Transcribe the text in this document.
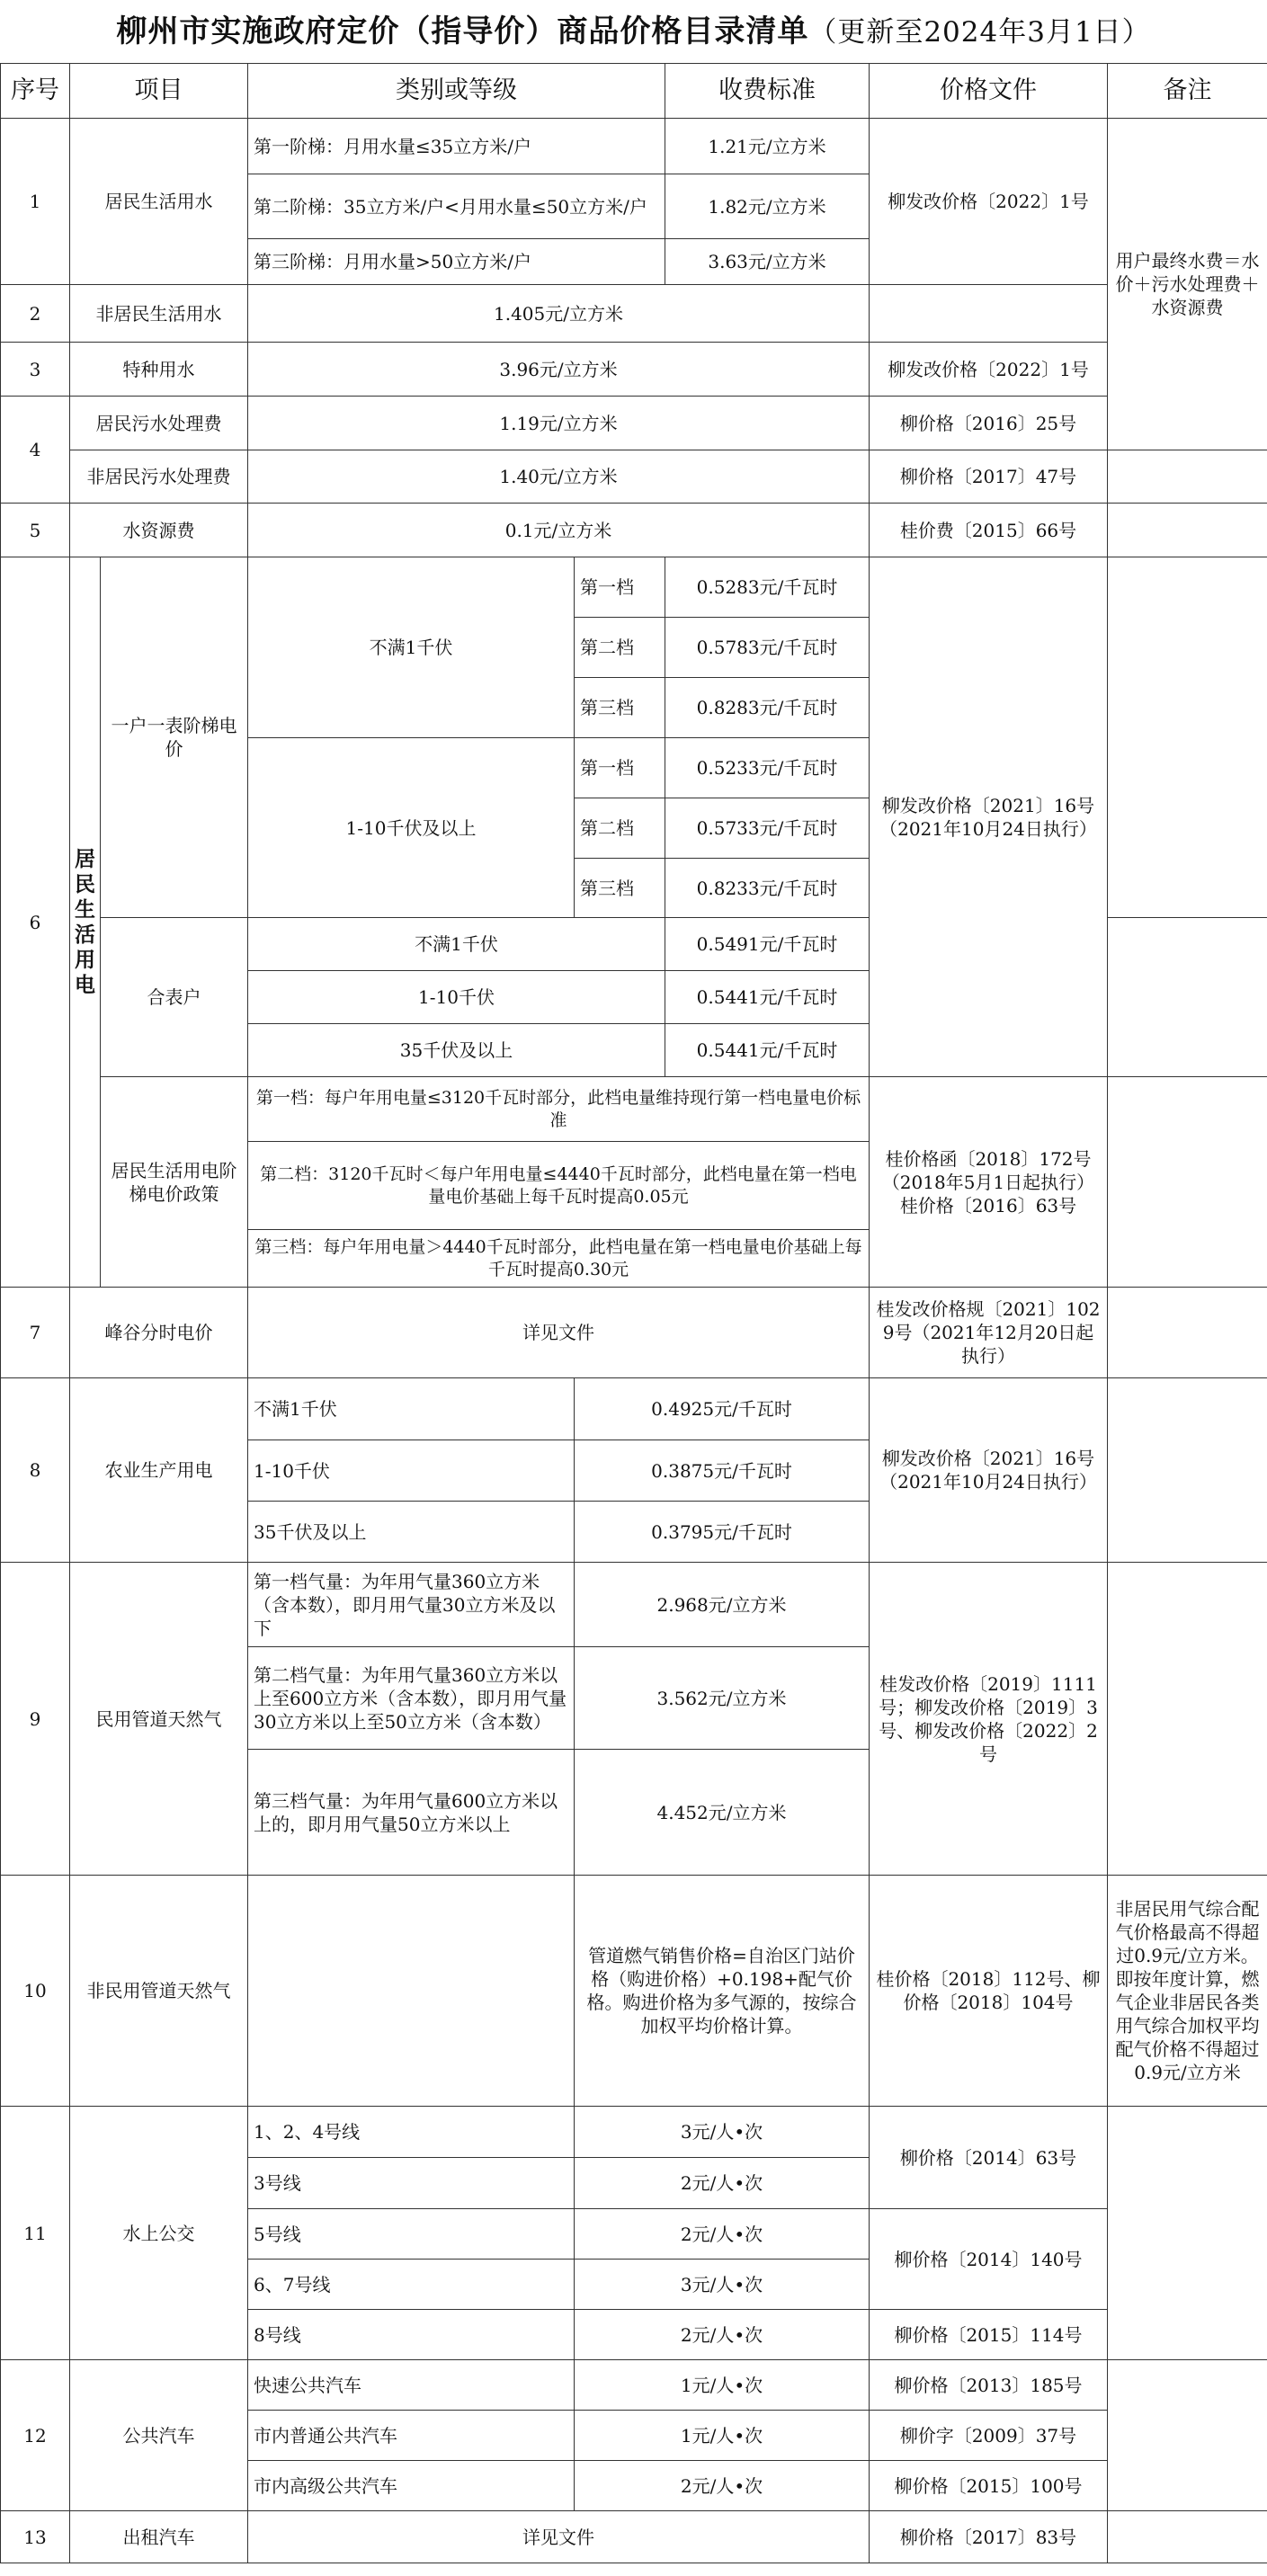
柳州市实施政府定价（指导价）商品价格目录清单（更新至2024年3月1日）
序号	项目		类别或等级		收费标准	价格文件	备注
1	居民生活用水		第一阶梯：月用水量≤35立方米/户		1.21元/立方米	柳发改价格〔2022〕1号	用户最终水费＝水价＋污水处理费＋水资源费
			第二阶梯：35立方米/户<月用水量≤50立方米/户		1.82元/立方米		
			第三阶梯：月用水量>50立方米/户		3.63元/立方米		
2	非居民生活用水		1.405元/立方米				
3	特种用水		3.96元/立方米			柳发改价格〔2022〕1号	
4	居民污水处理费		1.19元/立方米			柳价格〔2016〕25号	
	非居民污水处理费		1.40元/立方米			柳价格〔2017〕47号	
5	水资源费		0.1元/立方米			桂价费〔2015〕66号	
6	居民生活用电	一户一表阶梯电价	不满1千伏	第一档	0.5283元/千瓦时	柳发改价格〔2021〕16号（2021年10月24日执行）	
				第二档	0.5783元/千瓦时		
				第三档	0.8283元/千瓦时		
			1-10千伏及以上	第一档	0.5233元/千瓦时		
				第二档	0.5733元/千瓦时		
				第三档	0.8233元/千瓦时		
		合表户	不满1千伏		0.5491元/千瓦时		
			1-10千伏		0.5441元/千瓦时		
			35千伏及以上		0.5441元/千瓦时		
		居民生活用电阶梯电价政策	第一档：每户年用电量≤3120千瓦时部分，此档电量维持现行第一档电量电价标准			桂价格函〔2018〕172号（2018年5月1日起执行）桂价格〔2016〕63号	
			第二档：3120千瓦时＜每户年用电量≤4440千瓦时部分，此档电量在第一档电量电价基础上每千瓦时提高0.05元				
			第三档：每户年用电量＞4440千瓦时部分，此档电量在第一档电量电价基础上每千瓦时提高0.30元				
7	峰谷分时电价		详见文件			桂发改价格规〔2021〕1029号（2021年12月20日起执行）	
8	农业生产用电		不满1千伏	0.4925元/千瓦时		柳发改价格〔2021〕16号（2021年10月24日执行）	
			1-10千伏	0.3875元/千瓦时			
			35千伏及以上	0.3795元/千瓦时			
9	民用管道天然气		第一档气量：为年用气量360立方米（含本数），即月用气量30立方米及以下	2.968元/立方米		桂发改价格〔2019〕1111号；柳发改价格〔2019〕3号、柳发改价格〔2022〕2号	
			第二档气量：为年用气量360立方米以上至600立方米（含本数），即月用气量30立方米以上至50立方米（含本数）	3.562元/立方米			
			第三档气量：为年用气量600立方米以上的，即月用气量50立方米以上	4.452元/立方米			
10	非民用管道天然气			管道燃气销售价格=自治区门站价格（购进价格）+0.198+配气价格。购进价格为多气源的，按综合加权平均价格计算。		桂价格〔2018〕112号、柳价格〔2018〕104号	非居民用气综合配气价格最高不得超过0.9元/立方米。即按年度计算，燃气企业非居民各类用气综合加权平均配气价格不得超过0.9元/立方米
11	水上公交		1、2、4号线	3元/人•次		柳价格〔2014〕63号	
			3号线	2元/人•次			
			5号线	2元/人•次		柳价格〔2014〕140号	
			6、7号线	3元/人•次			
			8号线	2元/人•次		柳价格〔2015〕114号	
12	公共汽车		快速公共汽车	1元/人•次		柳价格〔2013〕185号	
			市内普通公共汽车	1元/人•次		柳价字〔2009〕37号	
			市内高级公共汽车	2元/人•次		柳价格〔2015〕100号	
13	出租汽车		详见文件			柳价格〔2017〕83号	
